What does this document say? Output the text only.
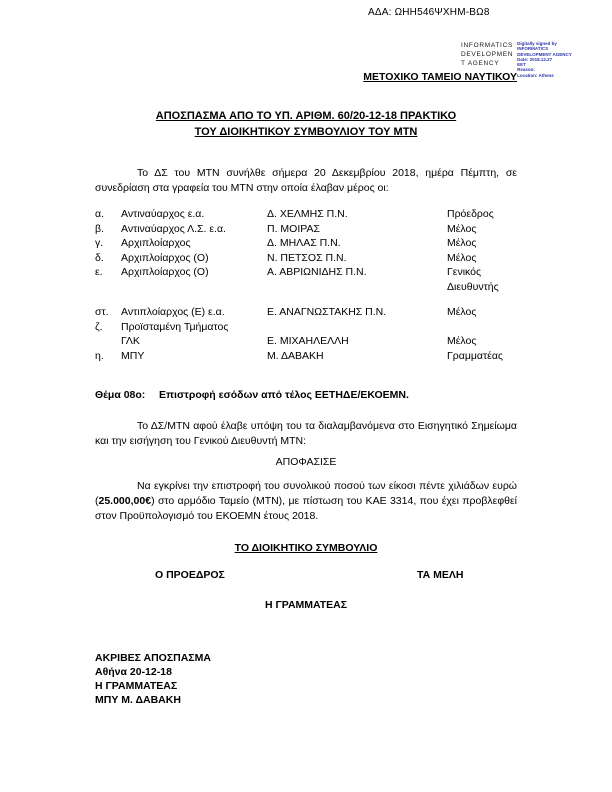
ΑΔΑ: ΩΗΗ546ΨΧΗΜ-ΒΩ8
INFORMATICS
DEVELOPMEN
T AGENCY
Digitally signed by
INFORMATICS
DEVELOPMENT AGENCY
Date: 2018.12.27
EET
Reason:
Location: Athens
ΜΕΤΟΧΙΚΟ ΤΑΜΕΙΟ ΝΑΥΤΙΚΟΥ
ΑΠΟΣΠΑΣΜΑ ΑΠΟ ΤΟ ΥΠ. ΑΡΙΘΜ. 60/20-12-18 ΠΡΑΚΤΙΚΟ
ΤΟΥ ΔΙΟΙΚΗΤΙΚΟΥ ΣΥΜΒΟΥΛΙΟΥ ΤΟΥ ΜΤΝ

Το ΔΣ του ΜΤΝ συνήλθε σήμερα 20 Δεκεμβρίου 2018, ημέρα Πέμπτη, σε συνεδρίαση στα γραφεία του ΜΤΝ στην οποία έλαβαν μέρος οι:

α.	Αντιναύαρχος ε.α.	Δ. ΧΕΛΜΗΣ Π.Ν.	Πρόεδρος
β.	Αντιναύαρχος Λ.Σ. ε.α.	Π. ΜΟΙΡΑΣ	Μέλος
γ.	Αρχιπλοίαρχος	Δ. ΜΗΛΑΣ Π.Ν.	Μέλος
δ.	Αρχιπλοίαρχος (Ο)	Ν. ΠΕΤΣΟΣ Π.Ν.	Μέλος
ε.	Αρχιπλοίαρχος (Ο)	Α. ΑΒΡΙΩΝΙΔΗΣ Π.Ν.	Γενικός Διευθυντής
στ.	Αντιπλοίαρχος (Ε) ε.α.	Ε. ΑΝΑΓΝΩΣΤΑΚΗΣ Π.Ν.	Μέλος
ζ.	Προϊσταμένη Τμήματος		
	ΓΛΚ	Ε. ΜΙΧΑΗΛΕΛΛΗ	Μέλος
η.	ΜΠΥ	Μ. ΔΑΒΑΚΗ	Γραμματέας

Θέμα 08ο: Επιστροφή εσόδων από τέλος ΕΕΤΗΔΕ/ΕΚΟΕΜΝ.

Το ΔΣ/ΜΤΝ αφού έλαβε υπόψη του τα διαλαμβανόμενα στο Εισηγητικό Σημείωμα και την εισήγηση του Γενικού Διευθυντή ΜΤΝ:

ΑΠΟΦΑΣΙΣΕ

Να εγκρίνει την επιστροφή του συνολικού ποσού των είκοσι πέντε χιλιάδων ευρώ (25.000,00€) στο αρμόδιο Ταμείο (ΜΤΝ), με πίστωση του ΚΑΕ 3314, που έχει προβλεφθεί στον Προϋπολογισμό του ΕΚΟΕΜΝ έτους 2018.

ΤΟ ΔΙΟΙΚΗΤΙΚΟ ΣΥΜΒΟΥΛΙΟ
Ο ΠΡΟΕΔΡΟΣ	ΤΑ ΜΕΛΗ
Η ΓΡΑΜΜΑΤΕΑΣ
ΑΚΡΙΒΕΣ ΑΠΟΣΠΑΣΜΑ
Αθήνα 20-12-18
Η ΓΡΑΜΜΑΤΕΑΣ
ΜΠΥ Μ. ΔΑΒΑΚΗ
